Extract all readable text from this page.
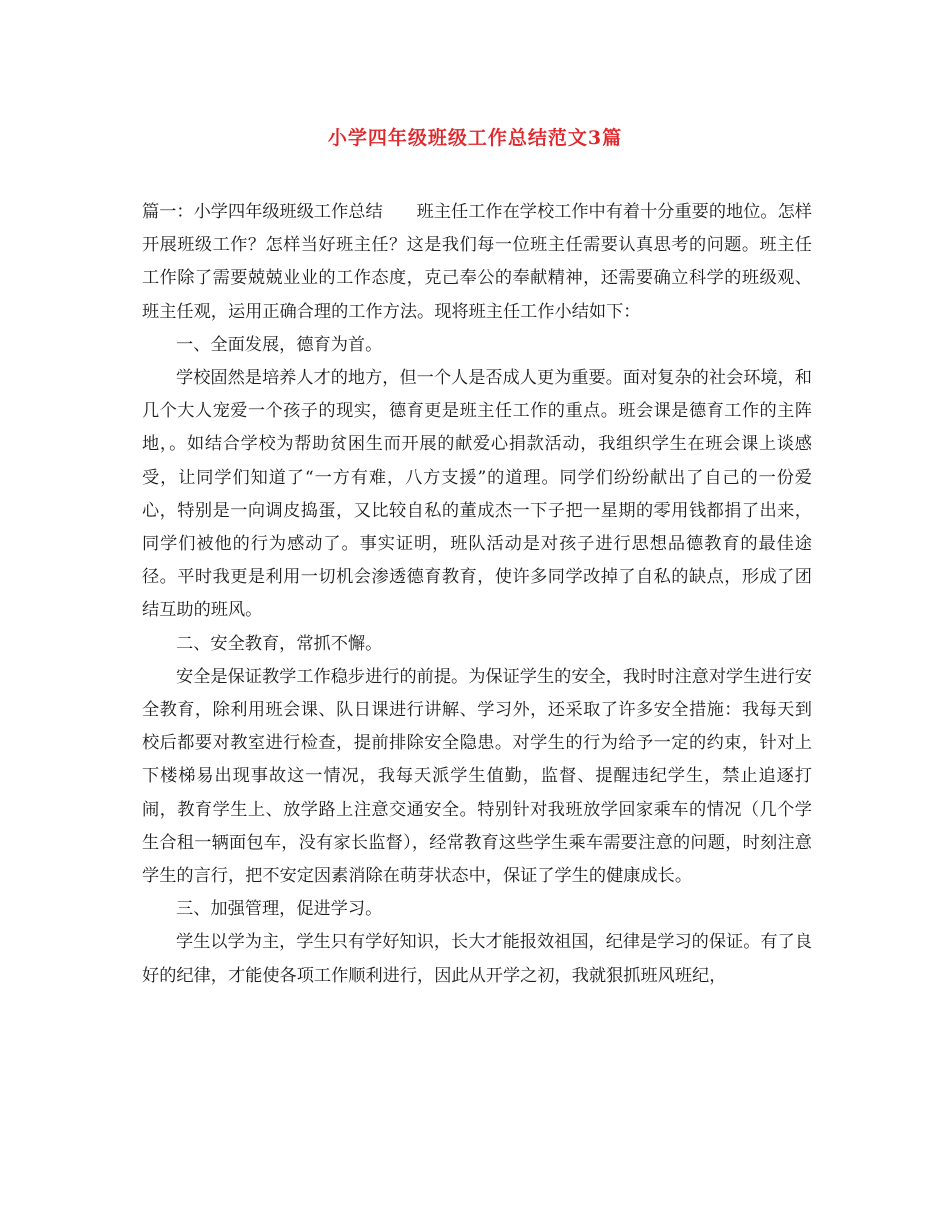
小学四年级班级工作总结范文3篇

篇一：小学四年级班级工作总结 班主任工作在学校工作中有着十分重要的地位。怎样开展班级工作？怎样当好班主任？这是我们每一位班主任需要认真思考的问题。班主任工作除了需要兢兢业业的工作态度，克己奉公的奉献精神，还需要确立科学的班级观、班主任观，运用正确合理的工作方法。现将班主任工作小结如下：

一、全面发展，德育为首。

学校固然是培养人才的地方，但一个人是否成人更为重要。面对复杂的社会环境，和几个大人宠爱一个孩子的现实，德育更是班主任工作的重点。班会课是德育工作的主阵地，。如结合学校为帮助贫困生而开展的献爱心捐款活动，我组织学生在班会课上谈感受，让同学们知道了“一方有难，八方支援”的道理。同学们纷纷献出了自己的一份爱心，特别是一向调皮捣蛋，又比较自私的董成杰一下子把一星期的零用钱都捐了出来，同学们被他的行为感动了。事实证明，班队活动是对孩子进行思想品德教育的最佳途径。平时我更是利用一切机会渗透德育教育，使许多同学改掉了自私的缺点，形成了团结互助的班风。

二、安全教育，常抓不懈。

安全是保证教学工作稳步进行的前提。为保证学生的安全，我时时注意对学生进行安全教育，除利用班会课、队日课进行讲解、学习外，还采取了许多安全措施：我每天到校后都要对教室进行检查，提前排除安全隐患。对学生的行为给予一定的约束，针对上下楼梯易出现事故这一情况，我每天派学生值勤，监督、提醒违纪学生，禁止追逐打闹，教育学生上、放学路上注意交通安全。特别针对我班放学回家乘车的情况（几个学生合租一辆面包车，没有家长监督），经常教育这些学生乘车需要注意的问题，时刻注意学生的言行，把不安定因素消除在萌芽状态中，保证了学生的健康成长。

三、加强管理，促进学习。

学生以学为主，学生只有学好知识，长大才能报效祖国，纪律是学习的保证。有了良好的纪律，才能使各项工作顺利进行，因此从开学之初，我就狠抓班风班纪，
